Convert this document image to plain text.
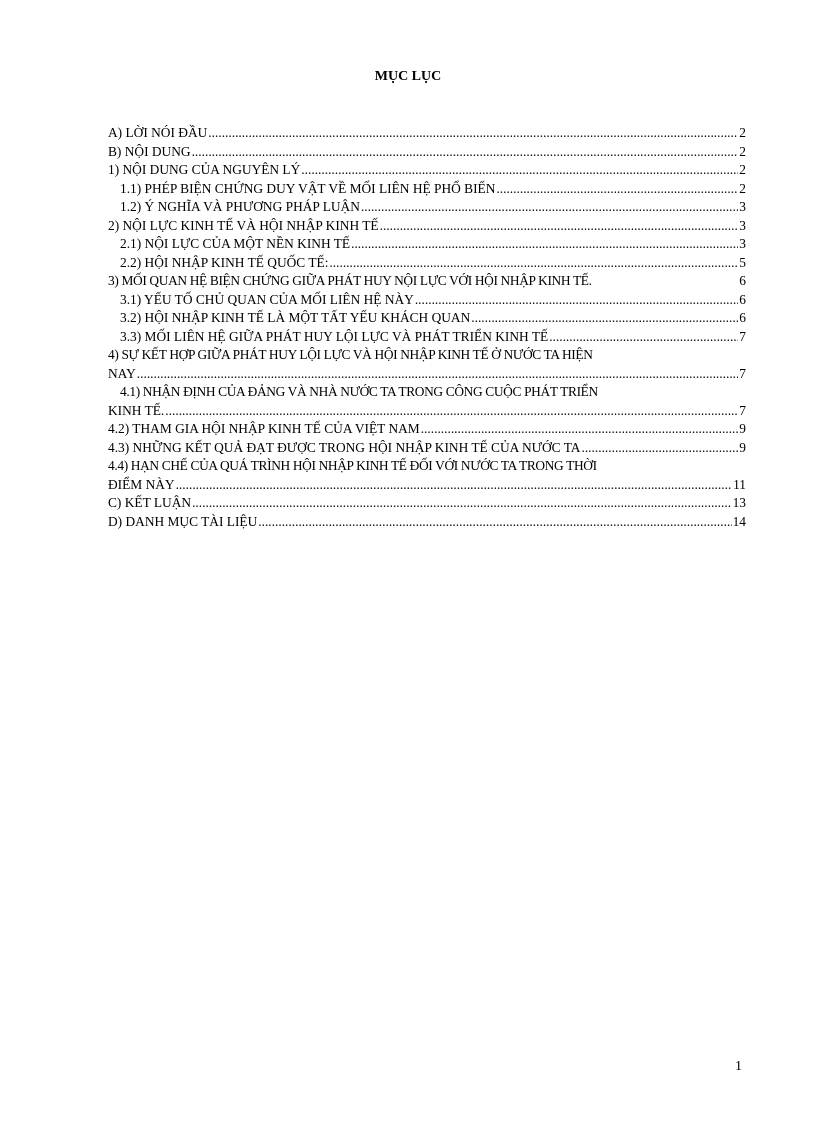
MỤC LỤC
A) LỜI NÓI ĐẦU .....	2
B) NỘI DUNG .....	2
1) NỘI DUNG CỦA NGUYÊN LÝ .....	2
1.1) PHÉP BIỆN CHỨNG DUY VẬT VỀ MỐI LIÊN HỆ PHỔ BIẾN .....	2
1.2) Ý NGHĨA VÀ PHƯƠNG PHÁP LUẬN .....	3
2) NỘI LỰC KINH TẾ VÀ HỘI NHẬP KINH TẾ .....	3
2.1) NỘI LỰC CỦA MỘT NỀN KINH TẾ .....	3
2.2) HỘI NHẬP KINH TẾ QUỐC TẾ: .....	5
3) MỐI QUAN HỆ BIỆN CHỨNG GIỮA PHÁT HUY NỘI LỰC VỚI HỘI NHẬP KINH TẾ.	6
3.1) YẾU TỐ CHỦ QUAN CỦA MỐI LIÊN HỆ NÀY .....	6
3.2) HỘI NHẬP KINH TẾ LÀ MỘT TẤT YẾU KHÁCH QUAN .....	6
3.3) MỐI LIÊN HỆ GIỮA PHÁT HUY LỘI LỰC VÀ PHÁT TRIỂN KINH TẾ .....	7
4) SỰ KẾT HỢP GIỮA PHÁT HUY LỘI LỰC VÀ HỘI NHẬP KINH TẾ Ở NƯỚC TA HIỆN
NAY .....	7
4.1) NHẬN ĐỊNH CỦA ĐẢNG VÀ NHÀ NƯỚC TA TRONG CÔNG CUỘC PHÁT TRIỂN
KINH TẾ. .....	7
4.2) THAM GIA HỘI NHẬP KINH TẾ CỦA VIỆT NAM .....	9
4.3) NHỮNG KẾT QUẢ ĐẠT ĐƯỢC TRONG HỘI NHẬP KINH TẾ CỦA NƯỚC TA .....	9
4.4) HẠN CHẾ CỦA QUÁ TRÌNH HỘI NHẬP KINH TẾ ĐỐI VỚI NƯỚC TA TRONG THỜI
ĐIỂM NÀY .....	11
C) KẾT LUẬN .....	13
D) DANH MỤC TÀI LIỆU .....	14
1
